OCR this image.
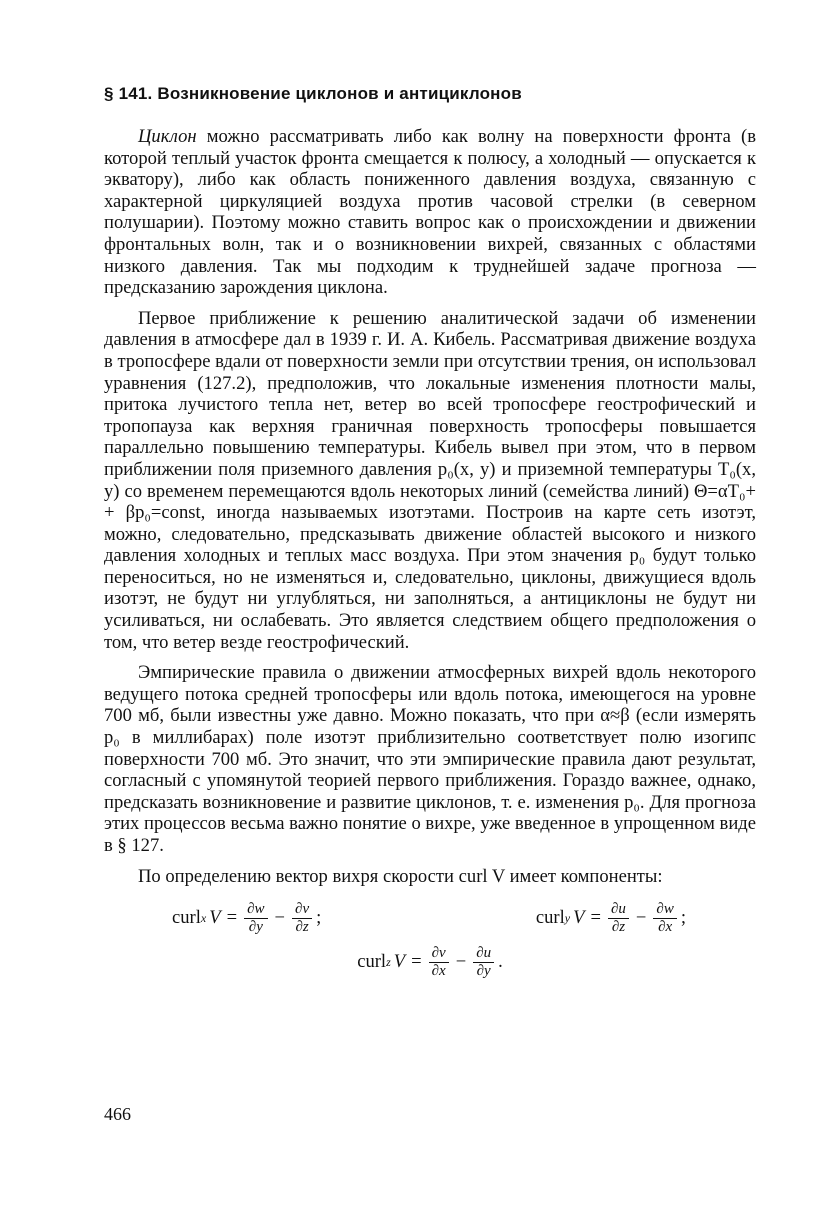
§ 141. Возникновение циклонов и антициклонов

Циклон можно рассматривать либо как волну на поверхности фронта (в которой теплый участок фронта смещается к полюсу, а холодный — опускается к экватору), либо как область пониженного давления воздуха, связанную с характерной циркуляцией воздуха против часовой стрелки (в северном полушарии). Поэтому можно ставить вопрос как о происхождении и движении фронтальных волн, так и о возникновении вихрей, связанных с областями низкого давления. Так мы подходим к труднейшей задаче прогноза — предсказанию зарождения циклона.

Первое приближение к решению аналитической задачи об изменении давления в атмосфере дал в 1939 г. И. А. Кибель. Рассматривая движение воздуха в тропосфере вдали от поверхности земли при отсутствии трения, он использовал уравнения (127.2), предположив, что локальные изменения плотности малы, притока лучистого тепла нет, ветер во всей тропосфере геострофический и тропопауза как верхняя граничная поверхность тропосферы повышается параллельно повышению температуры. Кибель вывел при этом, что в первом приближении поля приземного давления p₀(x, y) и приземной температуры T₀(x, y) со временем перемещаются вдоль некоторых линий (семейства линий) Θ=αT₀+ + βp₀=const, иногда называемых изотэтами. Построив на карте сеть изотэт, можно, следовательно, предсказывать движение областей высокого и низкого давления холодных и теплых масс воздуха. При этом значения p₀ будут только переноситься, но не изменяться и, следовательно, циклоны, движущиеся вдоль изотэт, не будут ни углубляться, ни заполняться, а антициклоны не будут ни усиливаться, ни ослабевать. Это является следствием общего предположения о том, что ветер везде геострофический.

Эмпирические правила о движении атмосферных вихрей вдоль некоторого ведущего потока средней тропосферы или вдоль потока, имеющегося на уровне 700 мб, были известны уже давно. Можно показать, что при α≈β (если измерять p₀ в миллибарах) поле изотэт приблизительно соответствует полю изогипс поверхности 700 мб. Это значит, что эти эмпирические правила дают результат, согласный с упомянутой теорией первого приближения. Гораздо важнее, однако, предсказать возникновение и развитие циклонов, т. е. изменения p₀. Для прогноза этих процессов весьма важно понятие о вихре, уже введенное в упрощенном виде в § 127.

По определению вектор вихря скорости curl V имеет компоненты:

curl x $V = \frac{\partial w}{\partial y} - \frac{\partial v}{\partial z}$ ;	curl y $V = \frac{\partial u}{\partial z} - \frac{\partial w}{\partial x}$ ;
curl z $V = \frac{\partial v}{\partial x} - \frac{\partial u}{\partial y}$ .
466
